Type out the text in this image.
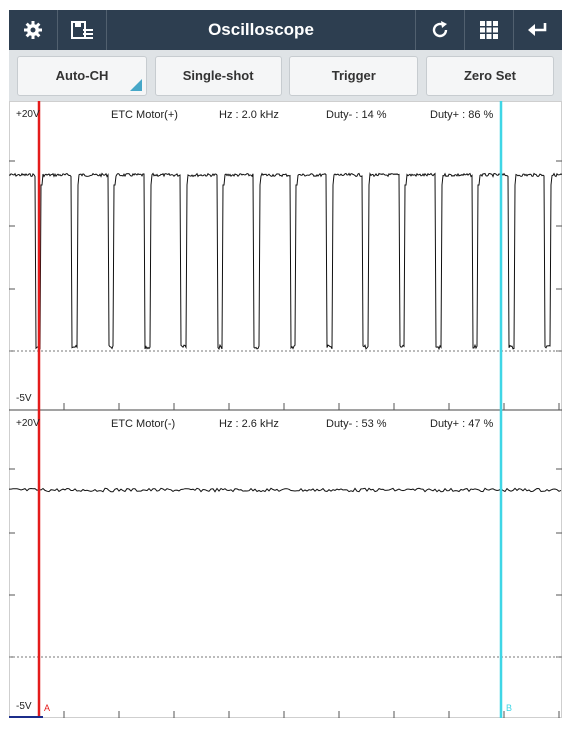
Oscilloscope
Auto-CH	Single-shot	Trigger	Zero Set
+20V
-5V
ETC Motor(+)	Hz : 2.0 kHz	Duty- : 14 %	Duty+ : 86 %
+20V
-5V
ETC Motor(-)	Hz : 2.6 kHz	Duty- : 53 %	Duty+ : 47 %
A	B
